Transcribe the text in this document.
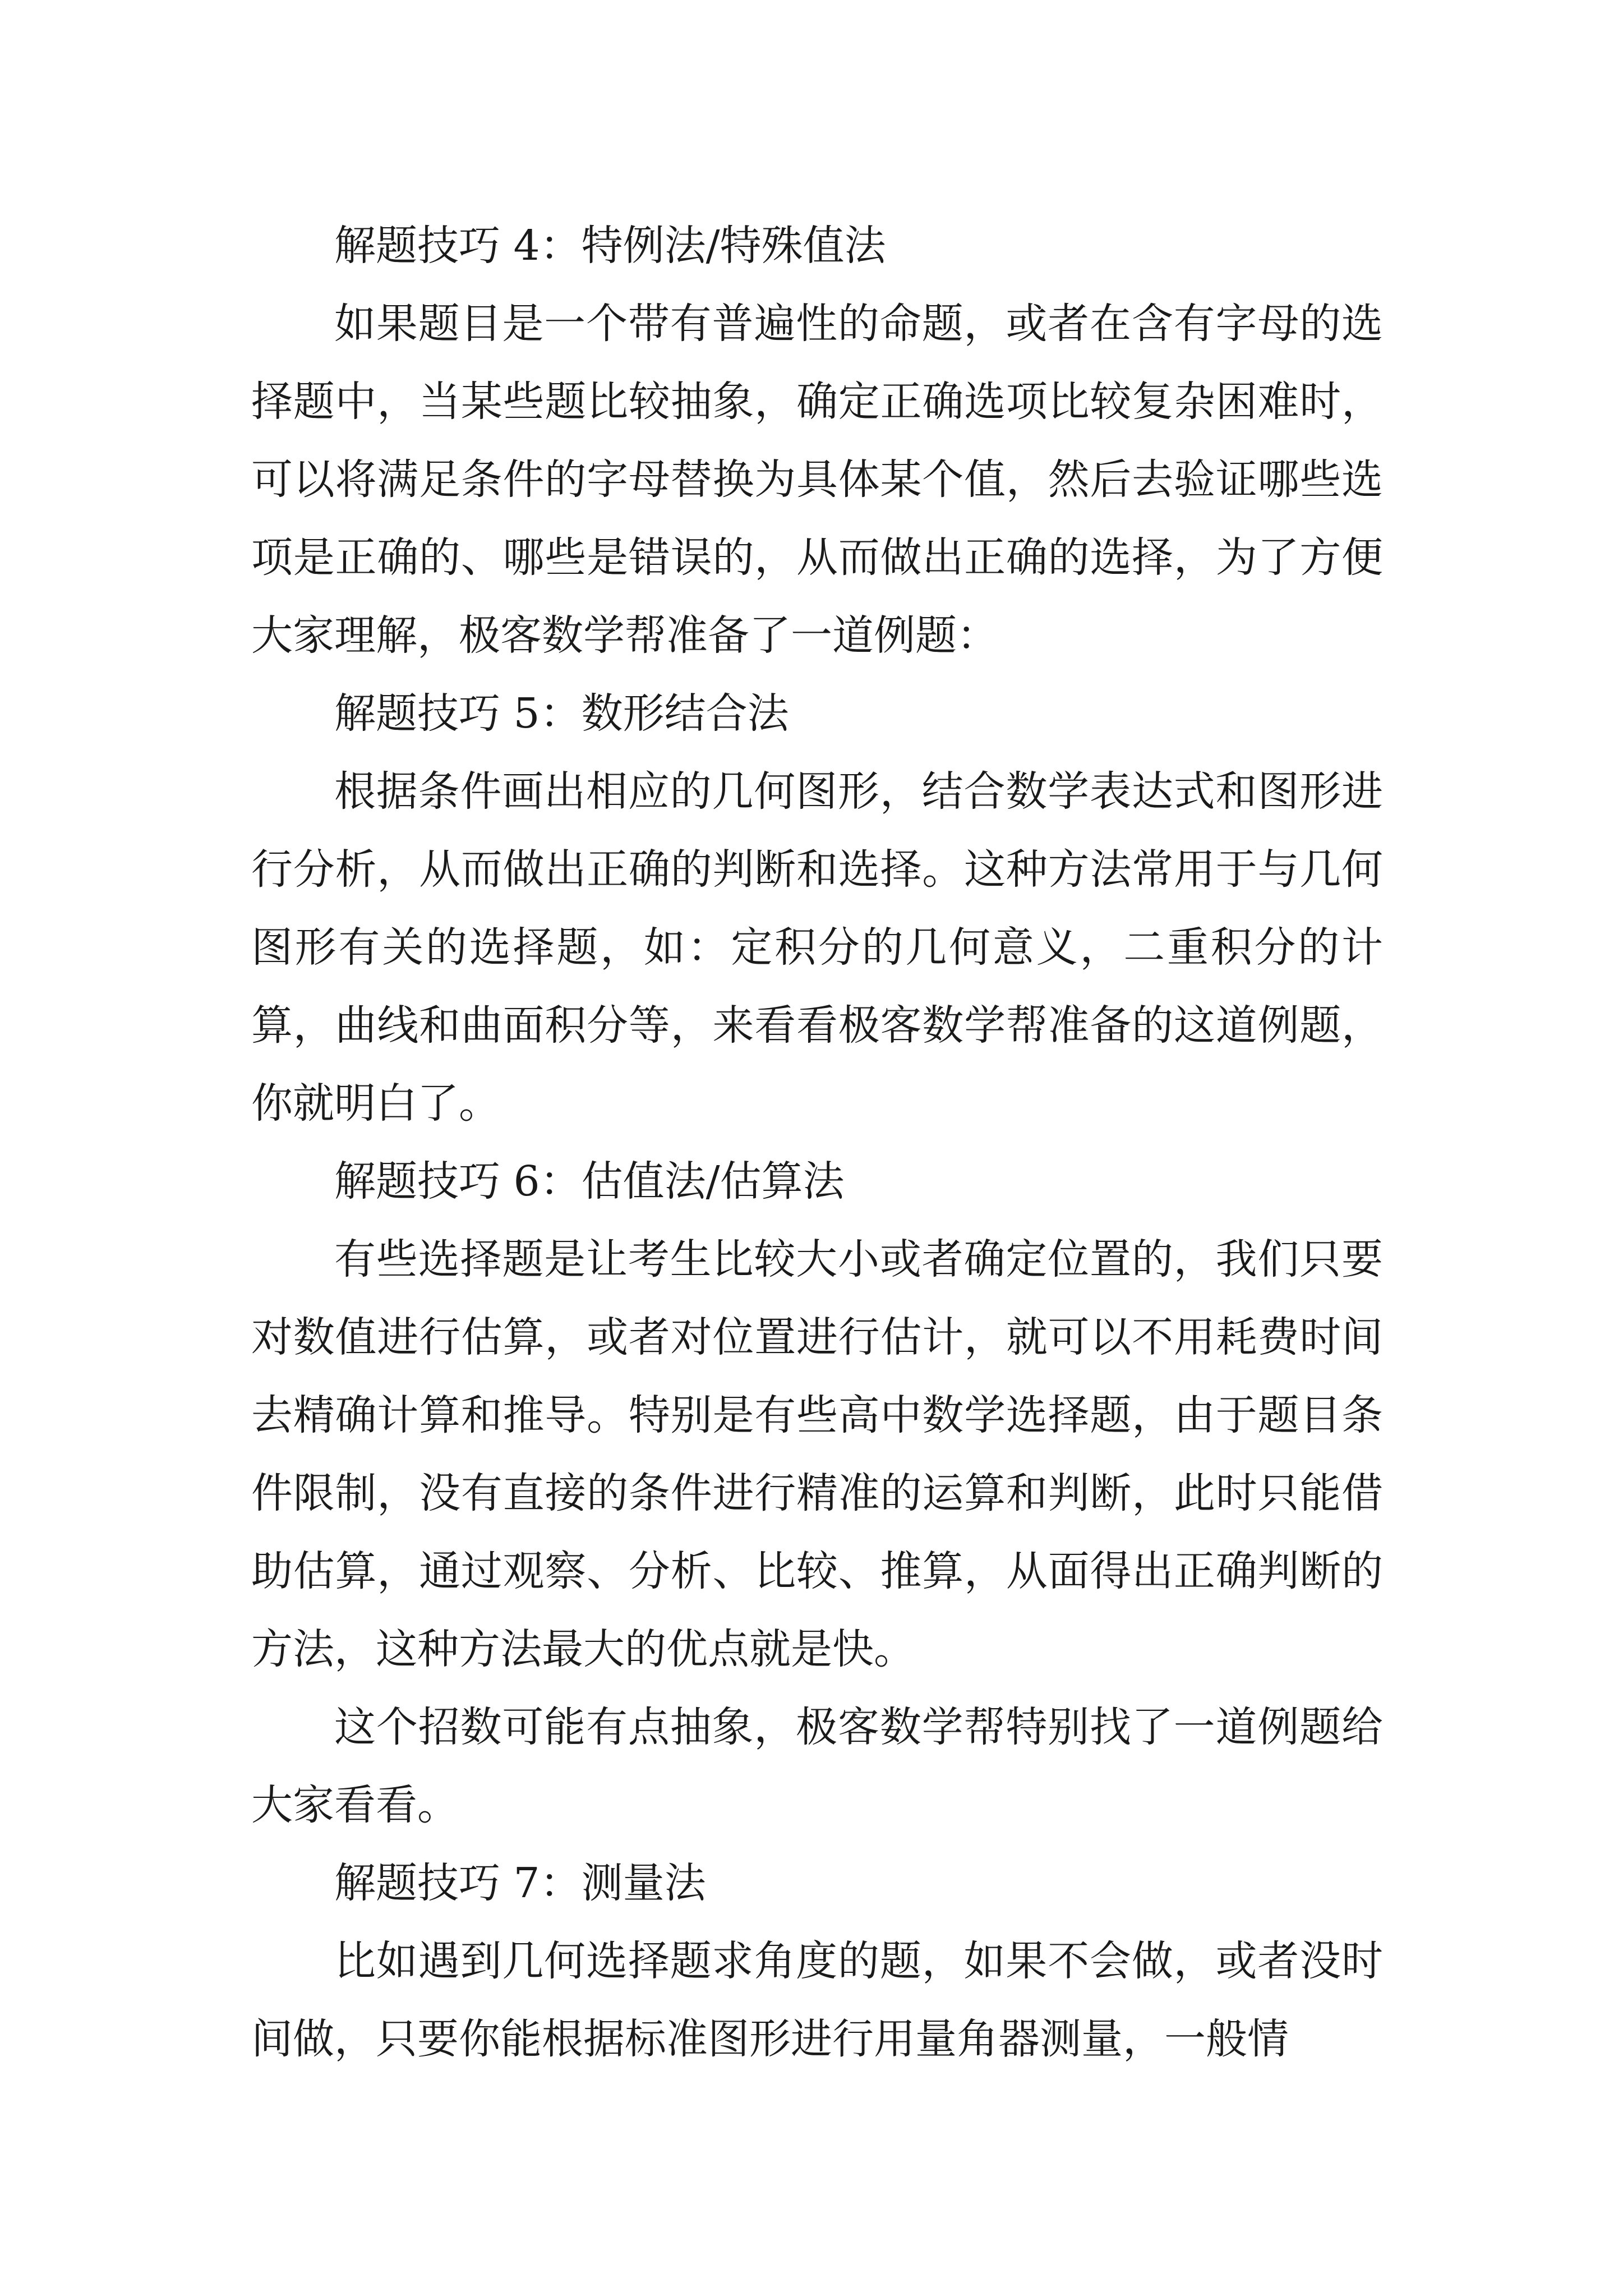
解题技巧 4：特例法/特殊值法

如果题目是一个带有普遍性的命题，或者在含有字母的选择题中，当某些题比较抽象，确定正确选项比较复杂困难时，可以将满足条件的字母替换为具体某个值，然后去验证哪些选项是正确的、哪些是错误的，从而做出正确的选择，为了方便大家理解，极客数学帮准备了一道例题：

解题技巧 5：数形结合法

根据条件画出相应的几何图形，结合数学表达式和图形进行分析，从而做出正确的判断和选择。这种方法常用于与几何图形有关的选择题，如：定积分的几何意义，二重积分的计算，曲线和曲面积分等，来看看极客数学帮准备的这道例题，你就明白了。

解题技巧 6：估值法/估算法

有些选择题是让考生比较大小或者确定位置的，我们只要对数值进行估算，或者对位置进行估计，就可以不用耗费时间去精确计算和推导。特别是有些高中数学选择题，由于题目条件限制，没有直接的条件进行精准的运算和判断，此时只能借助估算，通过观察、分析、比较、推算，从面得出正确判断的方法，这种方法最大的优点就是快。

这个招数可能有点抽象，极客数学帮特别找了一道例题给大家看看。

解题技巧 7：测量法

比如遇到几何选择题求角度的题，如果不会做，或者没时间做，只要你能根据标准图形进行用量角器测量，一般情
